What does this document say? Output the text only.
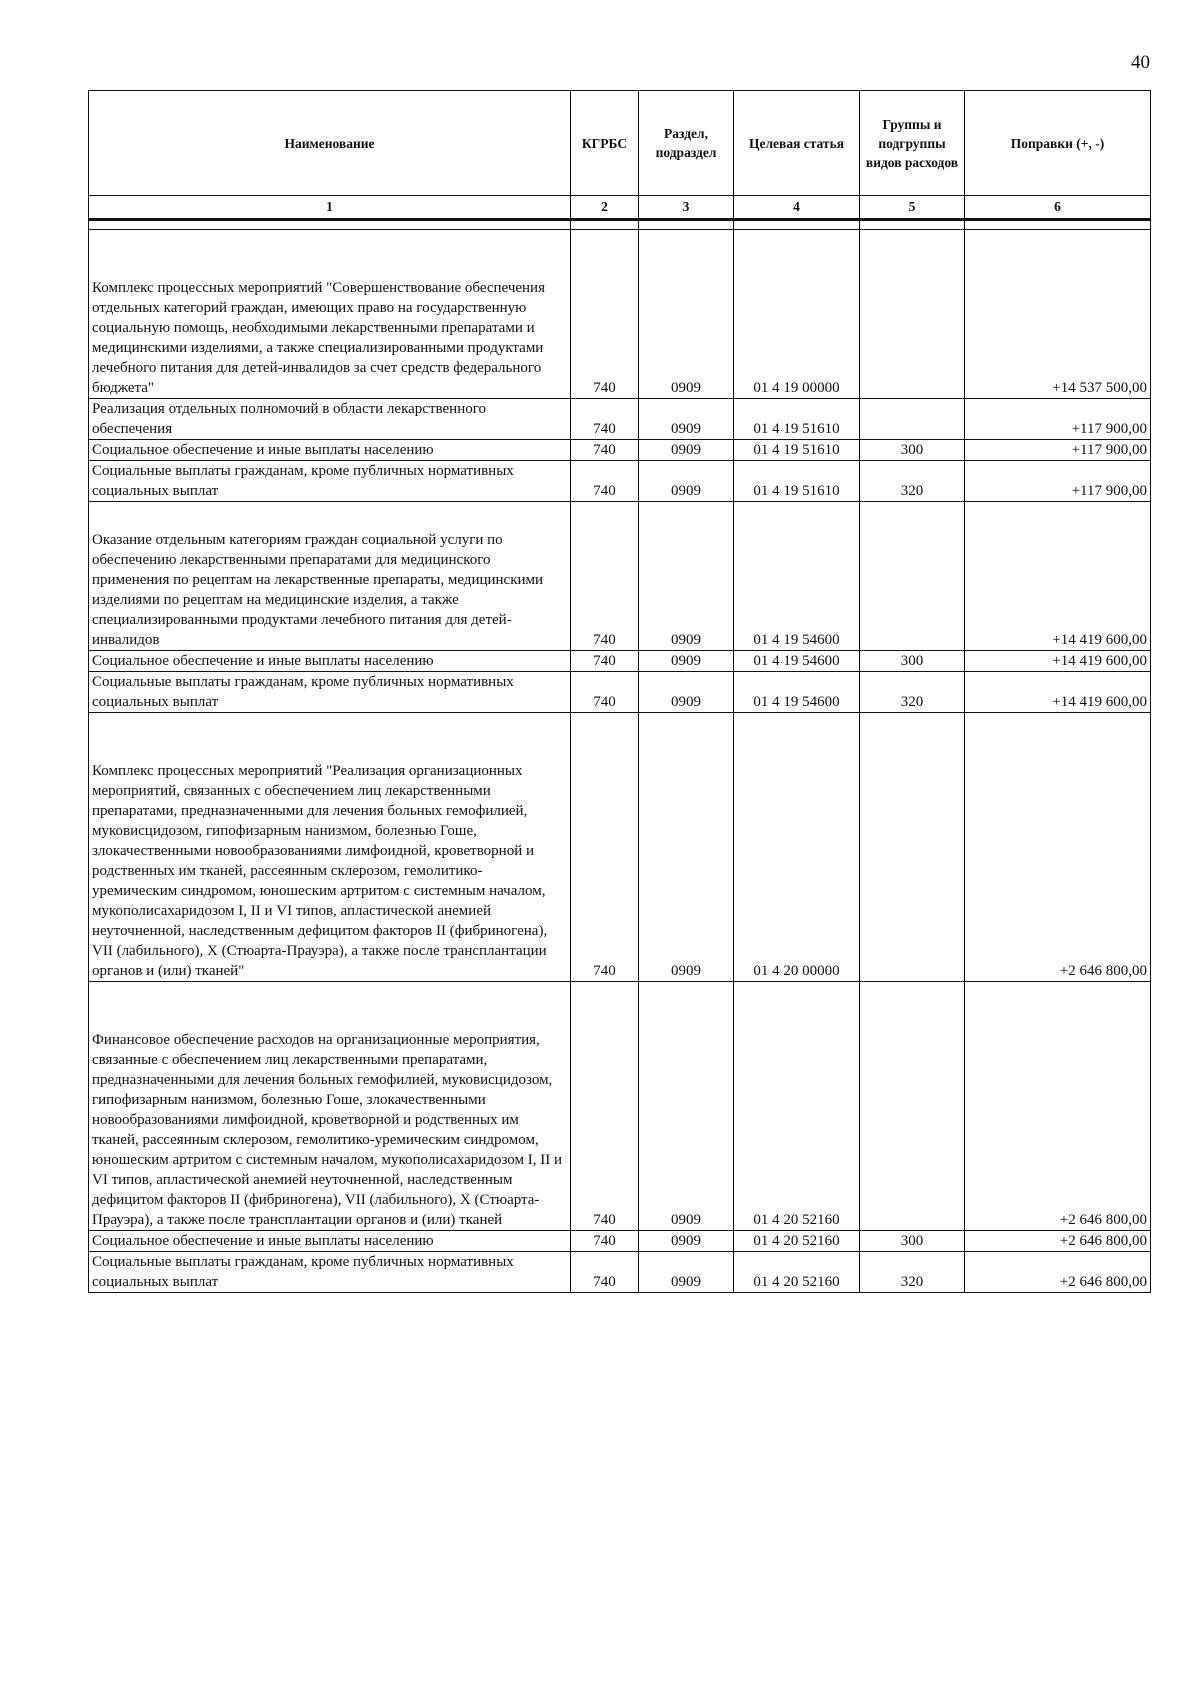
40
Наименование	КГРБС	Раздел, подраздел	Целевая статья	Группы и подгруппы видов расходов	Поправки (+, -)
1	2	3	4	5	6

Комплекс процессных мероприятий "Совершенствование обеспечения отдельных категорий граждан, имеющих право на государственную социальную помощь, необходимыми лекарственными препаратами и медицинскими изделиями, а также специализированными продуктами лечебного питания для детей-инвалидов за счет средств федерального бюджета"	740	0909	01 4 19 00000		+14 537 500,00
Реализация отдельных полномочий в области лекарственного обеспечения	740	0909	01 4 19 51610		+117 900,00
Социальное обеспечение и иные выплаты населению	740	0909	01 4 19 51610	300	+117 900,00
Социальные выплаты гражданам, кроме публичных нормативных социальных выплат	740	0909	01 4 19 51610	320	+117 900,00
Оказание отдельным категориям граждан социальной услуги по обеспечению лекарственными препаратами для медицинского применения по рецептам на лекарственные препараты, медицинскими изделиями по рецептам на медицинские изделия, а также специализированными продуктами лечебного питания для детей-инвалидов	740	0909	01 4 19 54600		+14 419 600,00
Социальное обеспечение и иные выплаты населению	740	0909	01 4 19 54600	300	+14 419 600,00
Социальные выплаты гражданам, кроме публичных нормативных социальных выплат	740	0909	01 4 19 54600	320	+14 419 600,00
Комплекс процессных мероприятий "Реализация организационных мероприятий, связанных с обеспечением лиц лекарственными препаратами, предназначенными для лечения больных гемофилией, муковисцидозом, гипофизарным нанизмом, болезнью Гоше, злокачественными новообразованиями лимфоидной, кроветворной и родственных им тканей, рассеянным склерозом, гемолитико-уремическим синдромом, юношеским артритом с системным началом, мукополисахаридозом I, II и VI типов, апластической анемией неуточненной, наследственным дефицитом факторов II (фибриногена), VII (лабильного), X (Стюарта-Прауэра), а также после трансплантации органов и (или) тканей"	740	0909	01 4 20 00000		+2 646 800,00
Финансовое обеспечение расходов на организационные мероприятия, связанные с обеспечением лиц лекарственными препаратами, предназначенными для лечения больных гемофилией, муковисцидозом, гипофизарным нанизмом, болезнью Гоше, злокачественными новообразованиями лимфоидной, кроветворной и родственных им тканей, рассеянным склерозом, гемолитико-уремическим синдромом, юношеским артритом с системным началом, мукополисахаридозом I, II и VI типов, апластической анемией неуточненной, наследственным дефицитом факторов II (фибриногена), VII (лабильного), X (Стюарта-Прауэра), а также после трансплантации органов и (или) тканей	740	0909	01 4 20 52160		+2 646 800,00
Социальное обеспечение и иные выплаты населению	740	0909	01 4 20 52160	300	+2 646 800,00
Социальные выплаты гражданам, кроме публичных нормативных социальных выплат	740	0909	01 4 20 52160	320	+2 646 800,00
